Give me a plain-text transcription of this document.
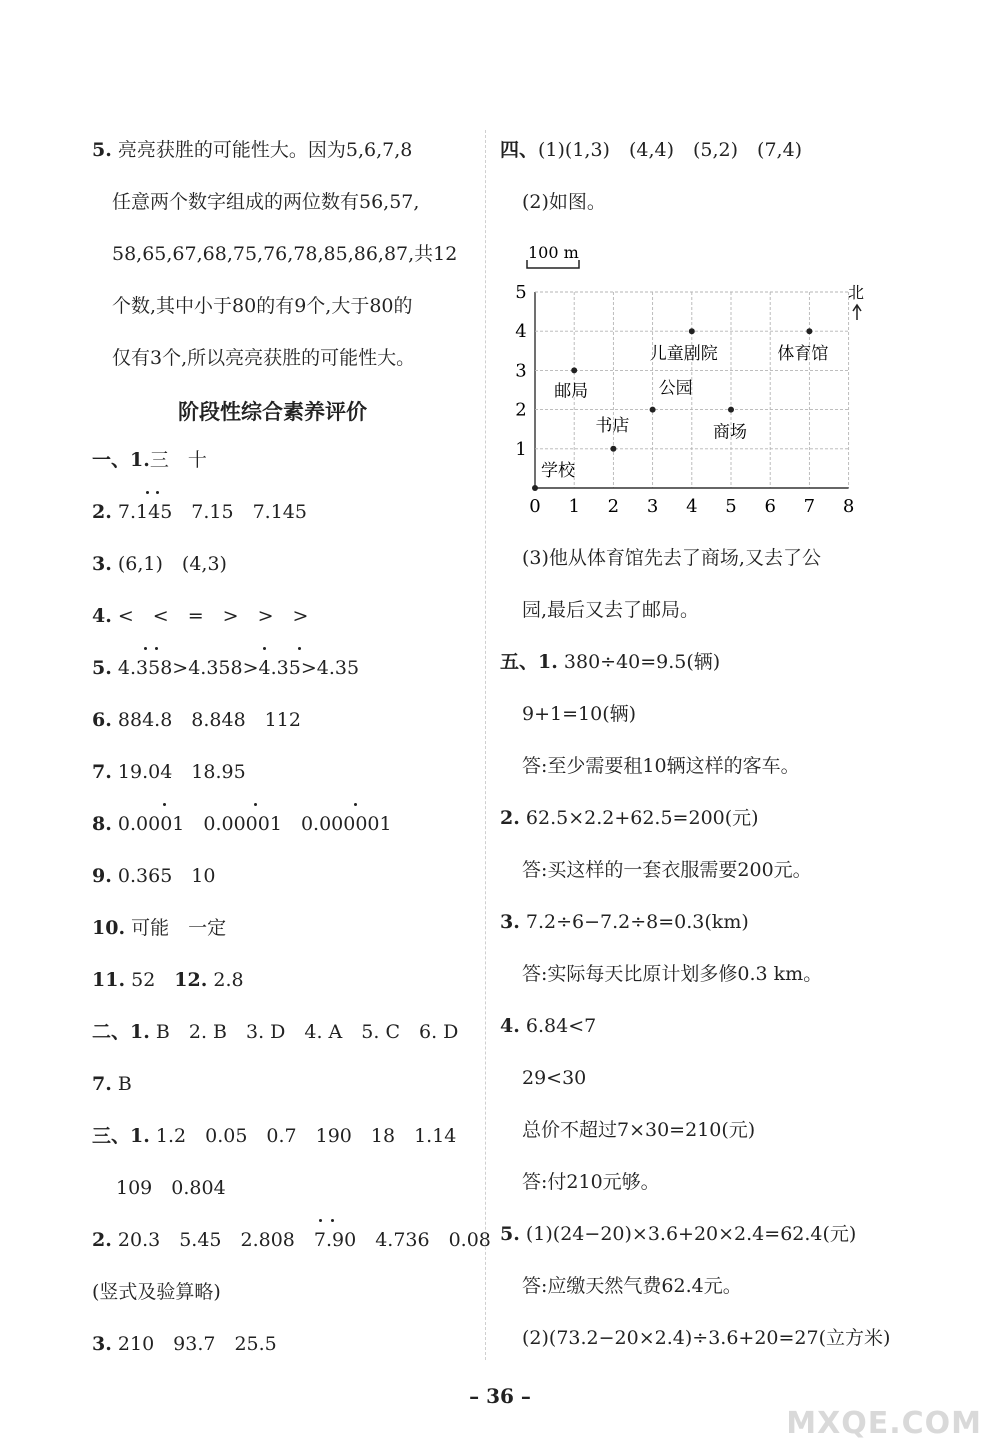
5. 亮亮获胜的可能性大。因为5,6,7,8
任意两个数字组成的两位数有56,57,
58,65,67,68,75,76,78,85,86,87,共12
个数,其中小于80的有9个,大于80的
仅有3个,所以亮亮获胜的可能性大。
阶段性综合素养评价
一、1.三　十
2. 7.145　7.15　7.145
3. (6,1)　(4,3)
4. <　<　=　>　>　>
5. 4.358>4.358>4.35>4.35
6. 884.8　8.848　112
7. 19.04　18.95
8. 0.0001　0.00001　0.000001
9. 0.365　10
10. 可能　一定
11. 52　12. 2.8
二、1. B　2. B　3. D　4. A　5. C　6. D
7. B
三、1. 1.2　0.05　0.7　190　18　1.14
109　0.804
2. 20.3　5.45　2.808　7.90　4.736　0.08
(竖式及验算略)
3. 210　93.7　25.5
四、(1)(1,3)　(4,4)　(5,2)　(7,4)
(2)如图。
100 m
北
0 1 2 3 4 5 6 7 8
1
2
3
4
5
学校
书店
公园
邮局
儿童剧院
商场
体育馆
(3)他从体育馆先去了商场,又去了公
园,最后又去了邮局。
五、1. 380÷40=9.5(辆)
9+1=10(辆)
答:至少需要租10辆这样的客车。
2. 62.5×2.2+62.5=200(元)
答:买这样的一套衣服需要200元。
3. 7.2÷6−7.2÷8=0.3(km)
答:实际每天比原计划多修0.3 km。
4. 6.84<7
29<30
总价不超过7×30=210(元)
答:付210元够。
5. (1)(24−20)×3.6+20×2.4=62.4(元)
答:应缴天然气费62.4元。
(2)(73.2−20×2.4)÷3.6+20=27(立方米)
– 36 –
MXQE.COM
